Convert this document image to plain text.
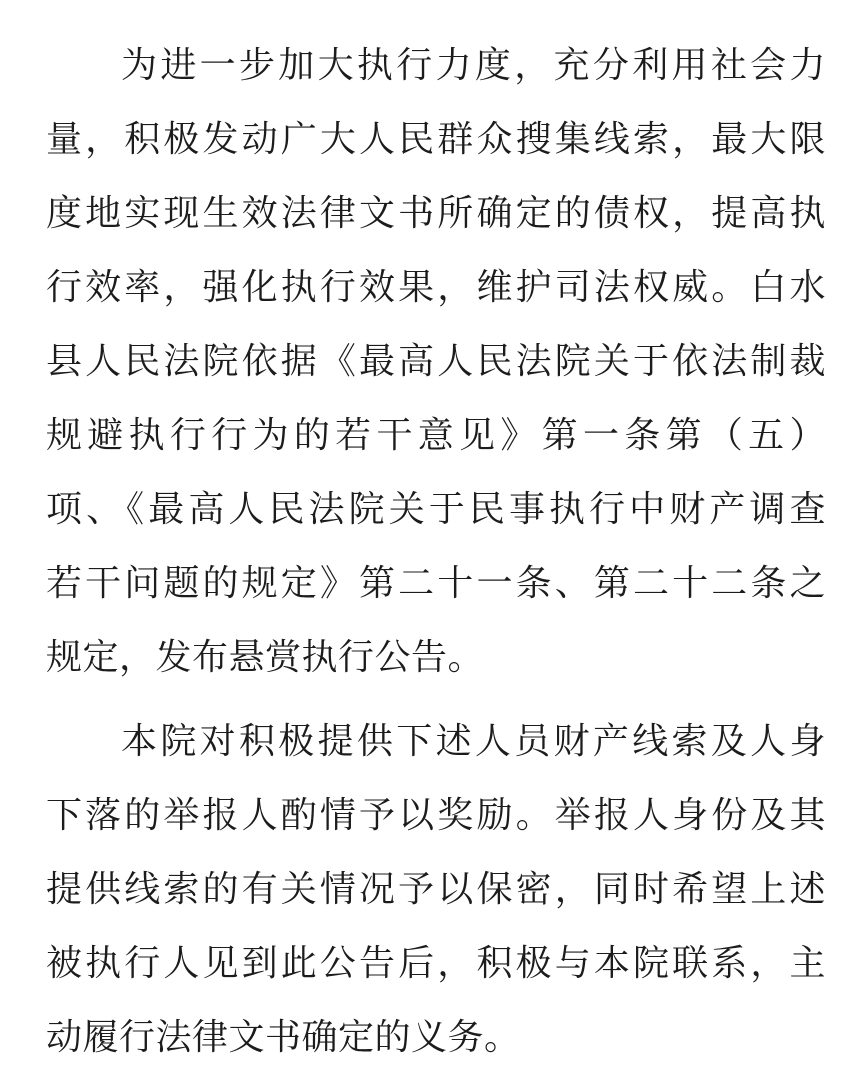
为进一步加大执行力度，充分利用社会力
量，积极发动广大人民群众搜集线索，最大限
度地实现生效法律文书所确定的债权，提高执
行效率，强化执行效果，维护司法权威。白水
县人民法院依据《最高人民法院关于依法制裁
规避执行行为的若干意见》第一条第（五）
项、《最高人民法院关于民事执行中财产调查
若干问题的规定》第二十一条、第二十二条之
规定，发布悬赏执行公告。
本院对积极提供下述人员财产线索及人身
下落的举报人酌情予以奖励。举报人身份及其
提供线索的有关情况予以保密，同时希望上述
被执行人见到此公告后，积极与本院联系，主
动履行法律文书确定的义务。
